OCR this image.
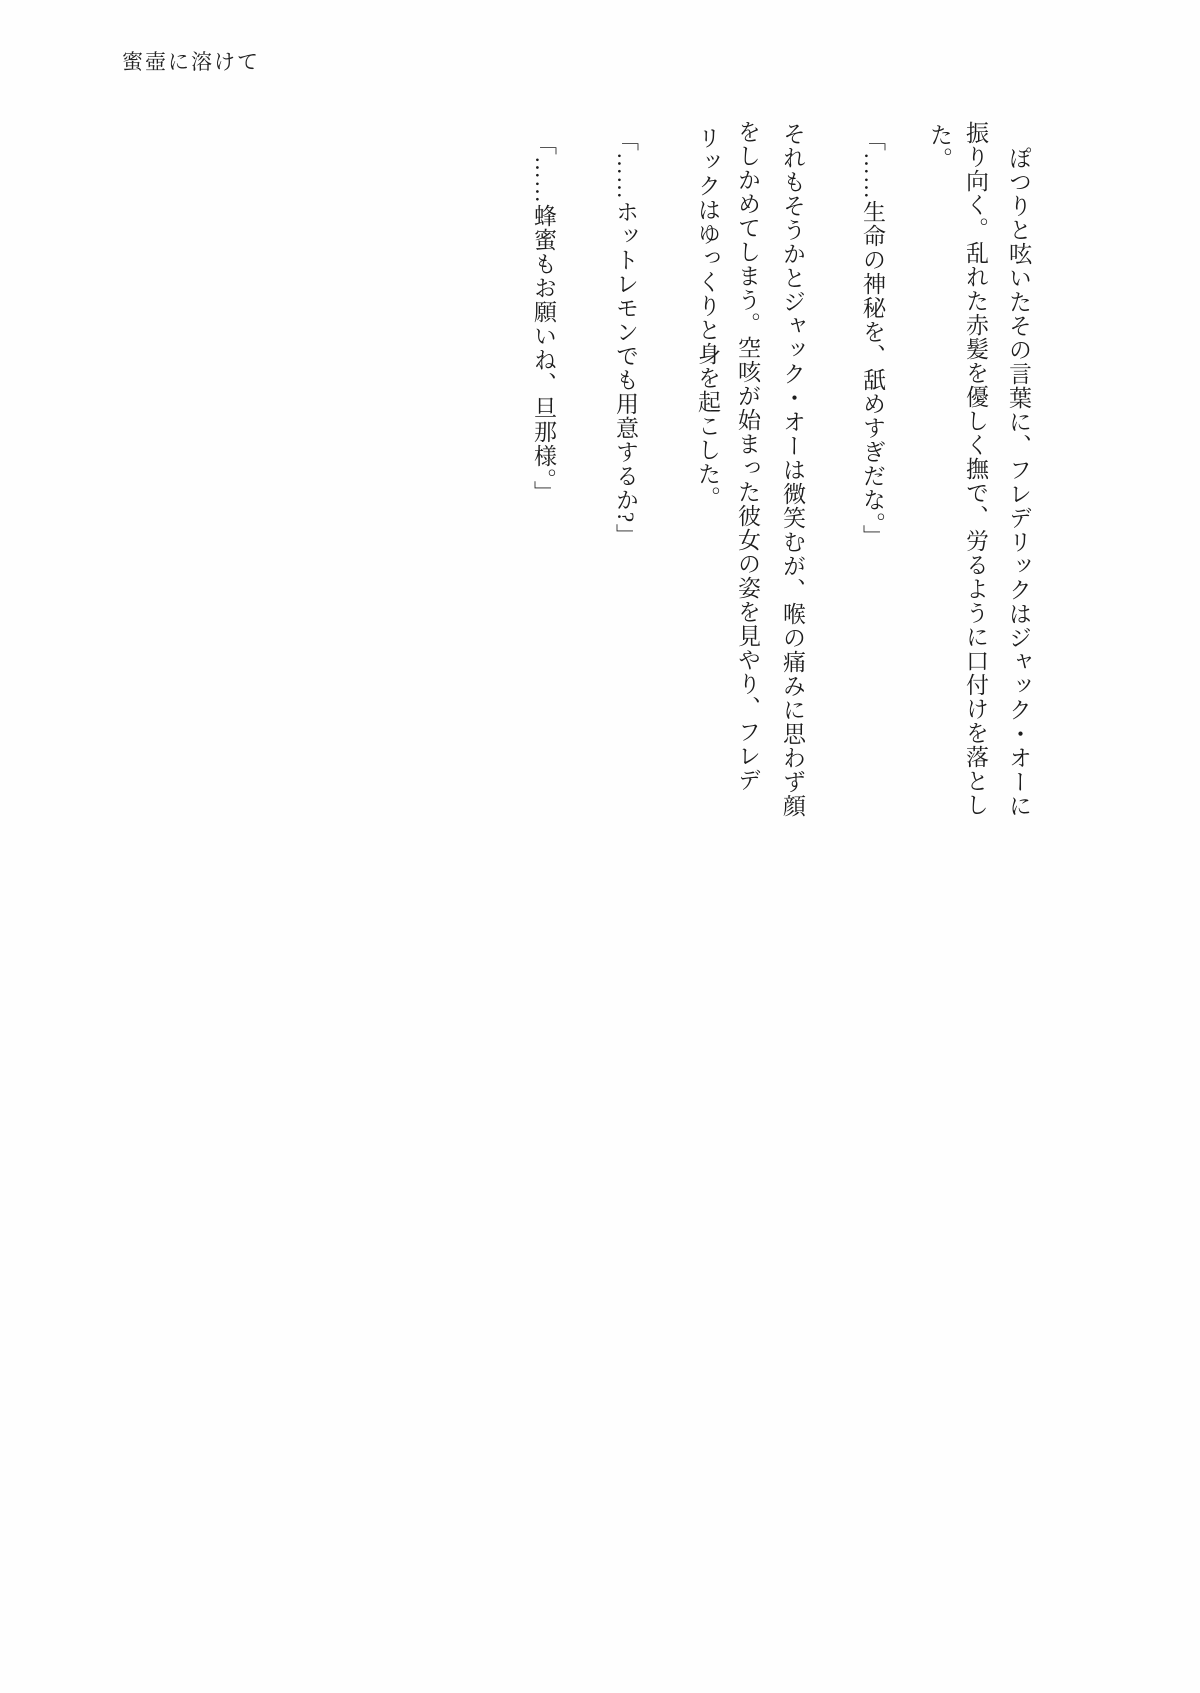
蜜壺に溶けて
ぽつりと呟いたその言葉に、フレデリックはジャック・オーに
振り向く。乱れた赤髪を優しく撫で、労るように口付けを落とし
た。
「……生命の神秘を、舐めすぎだな。」
それもそうかとジャック・オーは微笑むが、喉の痛みに思わず顔
をしかめてしまう。空咳が始まった彼女の姿を見やり、フレデ
リックはゆっくりと身を起こした。
「……ホットレモンでも用意するか?」
「……蜂蜜もお願いね、旦那様。」
